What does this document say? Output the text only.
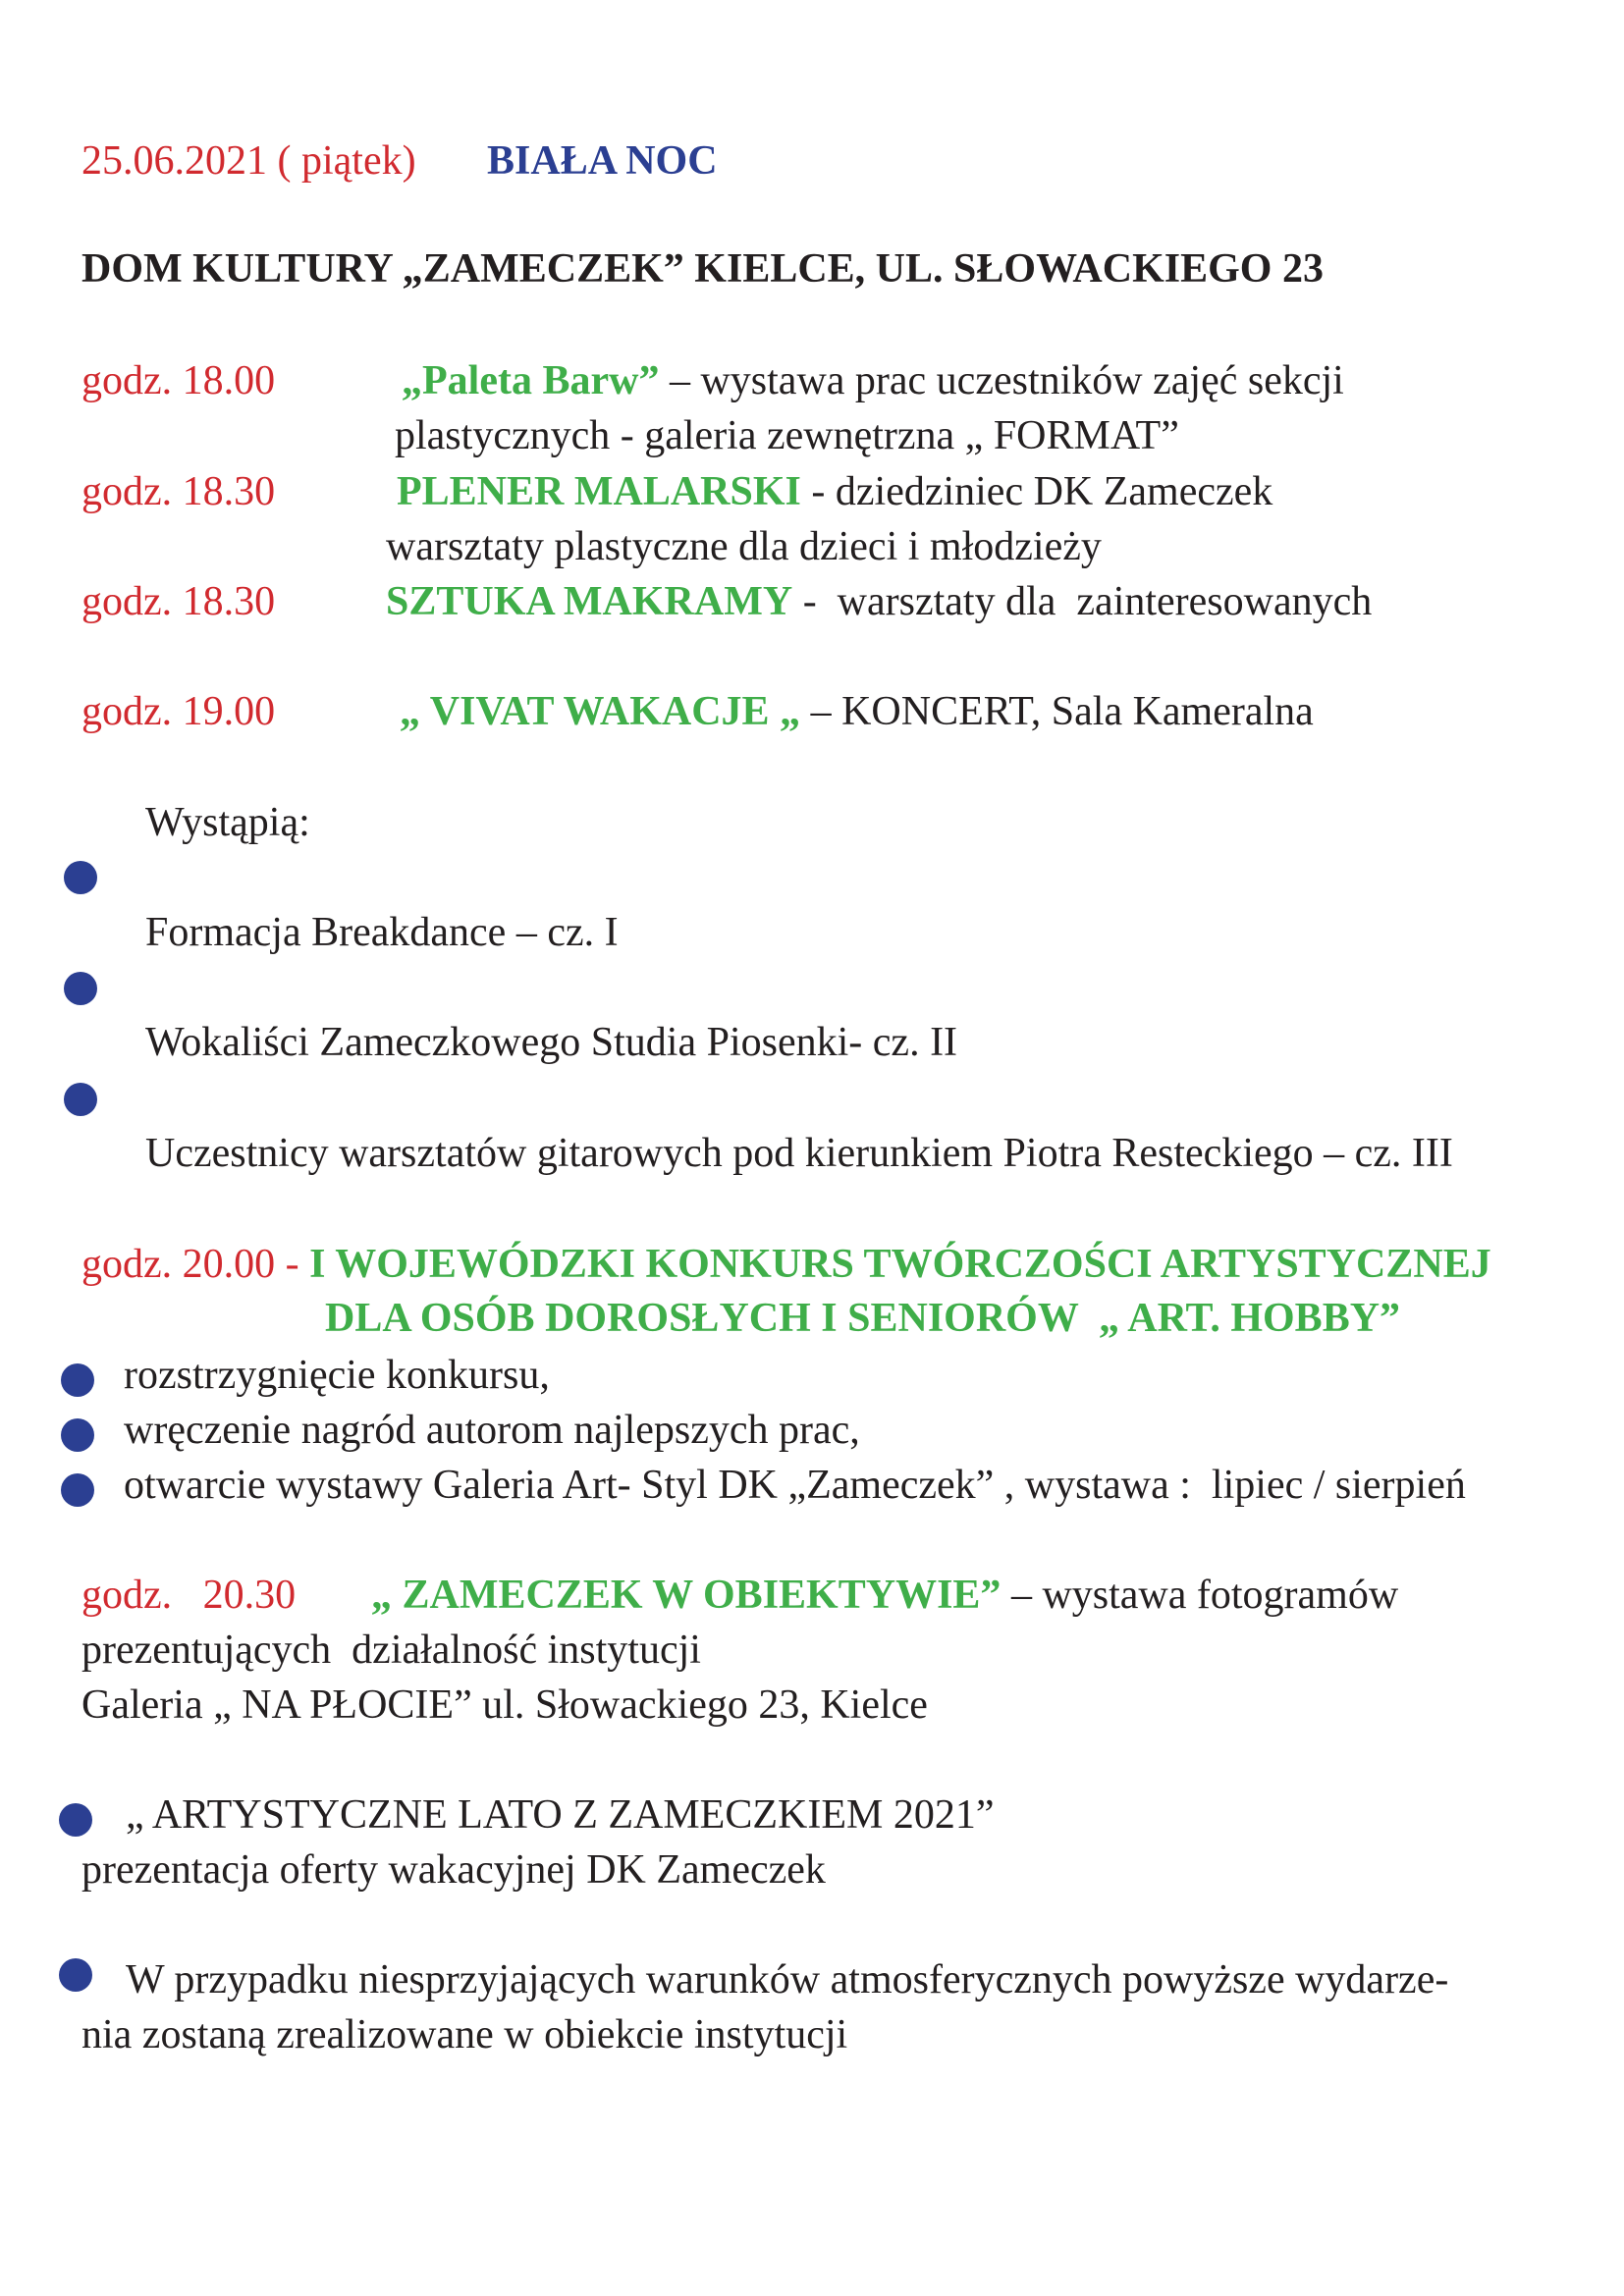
25.06.2021 ( piątek) BIAŁA NOC
DOM KULTURY „ZAMECZEK” KIELCE, UL. SŁOWACKIEGO 23
godz. 18.00	„Paleta Barw” – wystawa prac uczestników zajęć sekcji
plastycznych - galeria zewnętrzna „ FORMAT”
godz. 18.30	PLENER MALARSKI - dziedziniec DK Zameczek
warsztaty plastyczne dla dzieci i młodzieży
godz. 18.30	SZTUKA MAKRAMY -  warsztaty dla  zainteresowanych
godz. 19.00	„ VIVAT WAKACJE „ – KONCERT, Sala Kameralna
Wystąpią:
Formacja Breakdance – cz. I
Wokaliści Zameczkowego Studia Piosenki- cz. II
Uczestnicy warsztatów gitarowych pod kierunkiem Piotra Resteckiego – cz. III
godz. 20.00 - I WOJEWÓDZKI KONKURS TWÓRCZOŚCI ARTYSTYCZNEJ
DLA OSÓB DOROSŁYCH I SENIORÓW  „ ART. HOBBY”
rozstrzygnięcie konkursu,
wręczenie nagród autorom najlepszych prac,
otwarcie wystawy Galeria Art- Styl DK „Zameczek” , wystawa :  lipiec / sierpień
godz.   20.30 „ ZAMECZEK W OBIEKTYWIE” – wystawa fotogramów
prezentujących  działalność instytucji
Galeria „ NA PŁOCIE” ul. Słowackiego 23, Kielce
„ ARTYSTYCZNE LATO Z ZAMECZKIEM 2021”
prezentacja oferty wakacyjnej DK Zameczek
W przypadku niesprzyjających warunków atmosferycznych powyższe wydarze-
nia zostaną zrealizowane w obiekcie instytucji
